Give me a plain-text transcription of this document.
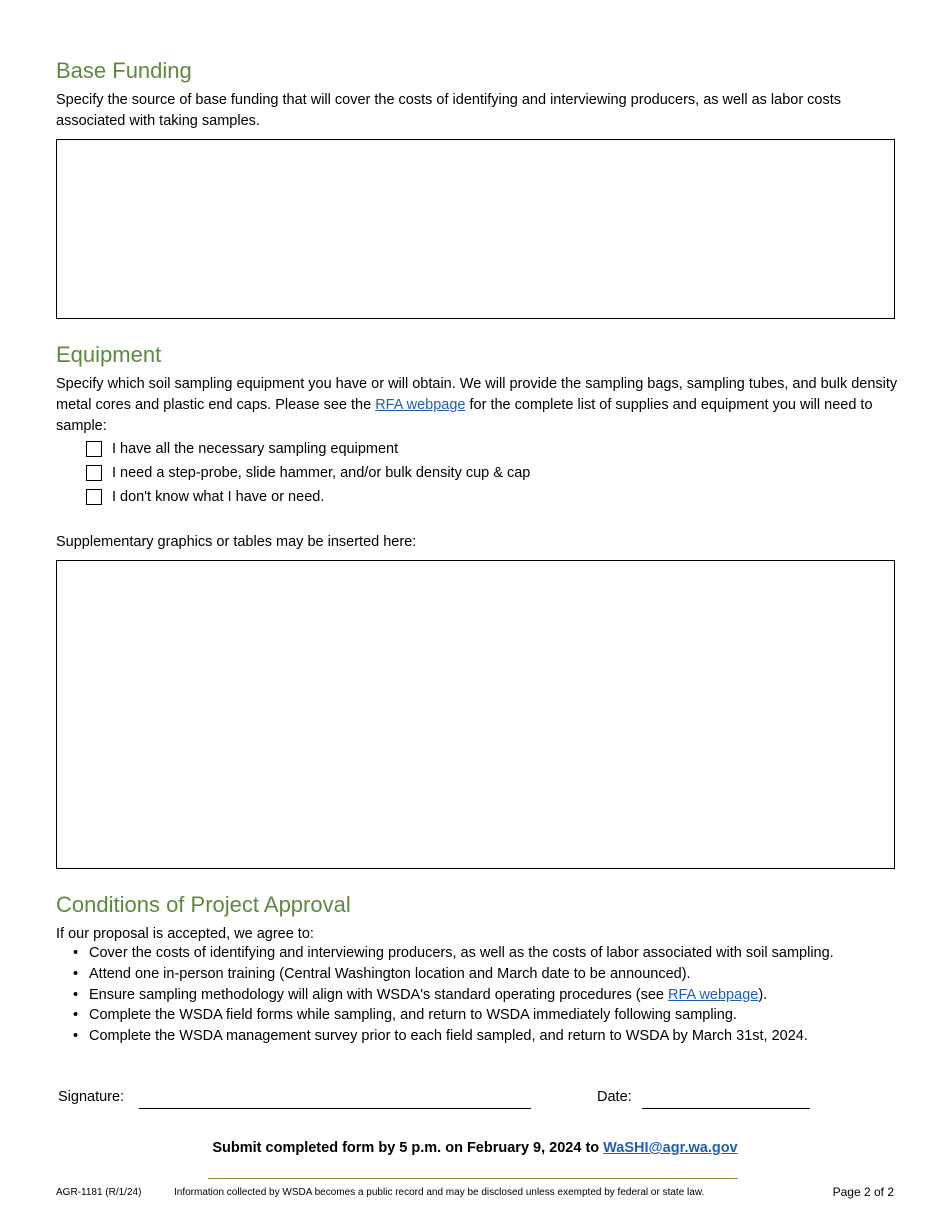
Base Funding

Specify the source of base funding that will cover the costs of identifying and interviewing producers, as well as labor costs associated with taking samples.

Equipment

Specify which soil sampling equipment you have or will obtain. We will provide the sampling bags, sampling tubes, and bulk density metal cores and plastic end caps. Please see the RFA webpage for the complete list of supplies and equipment you will need to sample:

I have all the necessary sampling equipment
I need a step-probe, slide hammer, and/or bulk density cup & cap
I don't know what I have or need.

Supplementary graphics or tables may be inserted here:

Conditions of Project Approval

If our proposal is accepted, we agree to:

• Cover the costs of identifying and interviewing producers, as well as the costs of labor associated with soil sampling.
• Attend one in-person training (Central Washington location and March date to be announced).
• Ensure sampling methodology will align with WSDA's standard operating procedures (see RFA webpage).
• Complete the WSDA field forms while sampling, and return to WSDA immediately following sampling.
• Complete the WSDA management survey prior to each field sampled, and return to WSDA by March 31st, 2024.
Signature:	Date:
Submit completed form by 5 p.m. on February 9, 2024 to WaSHI@agr.wa.gov
AGR-1181 (R/1/24)	Information collected by WSDA becomes a public record and may be disclosed unless exempted by federal or state law.	Page 2 of 2
